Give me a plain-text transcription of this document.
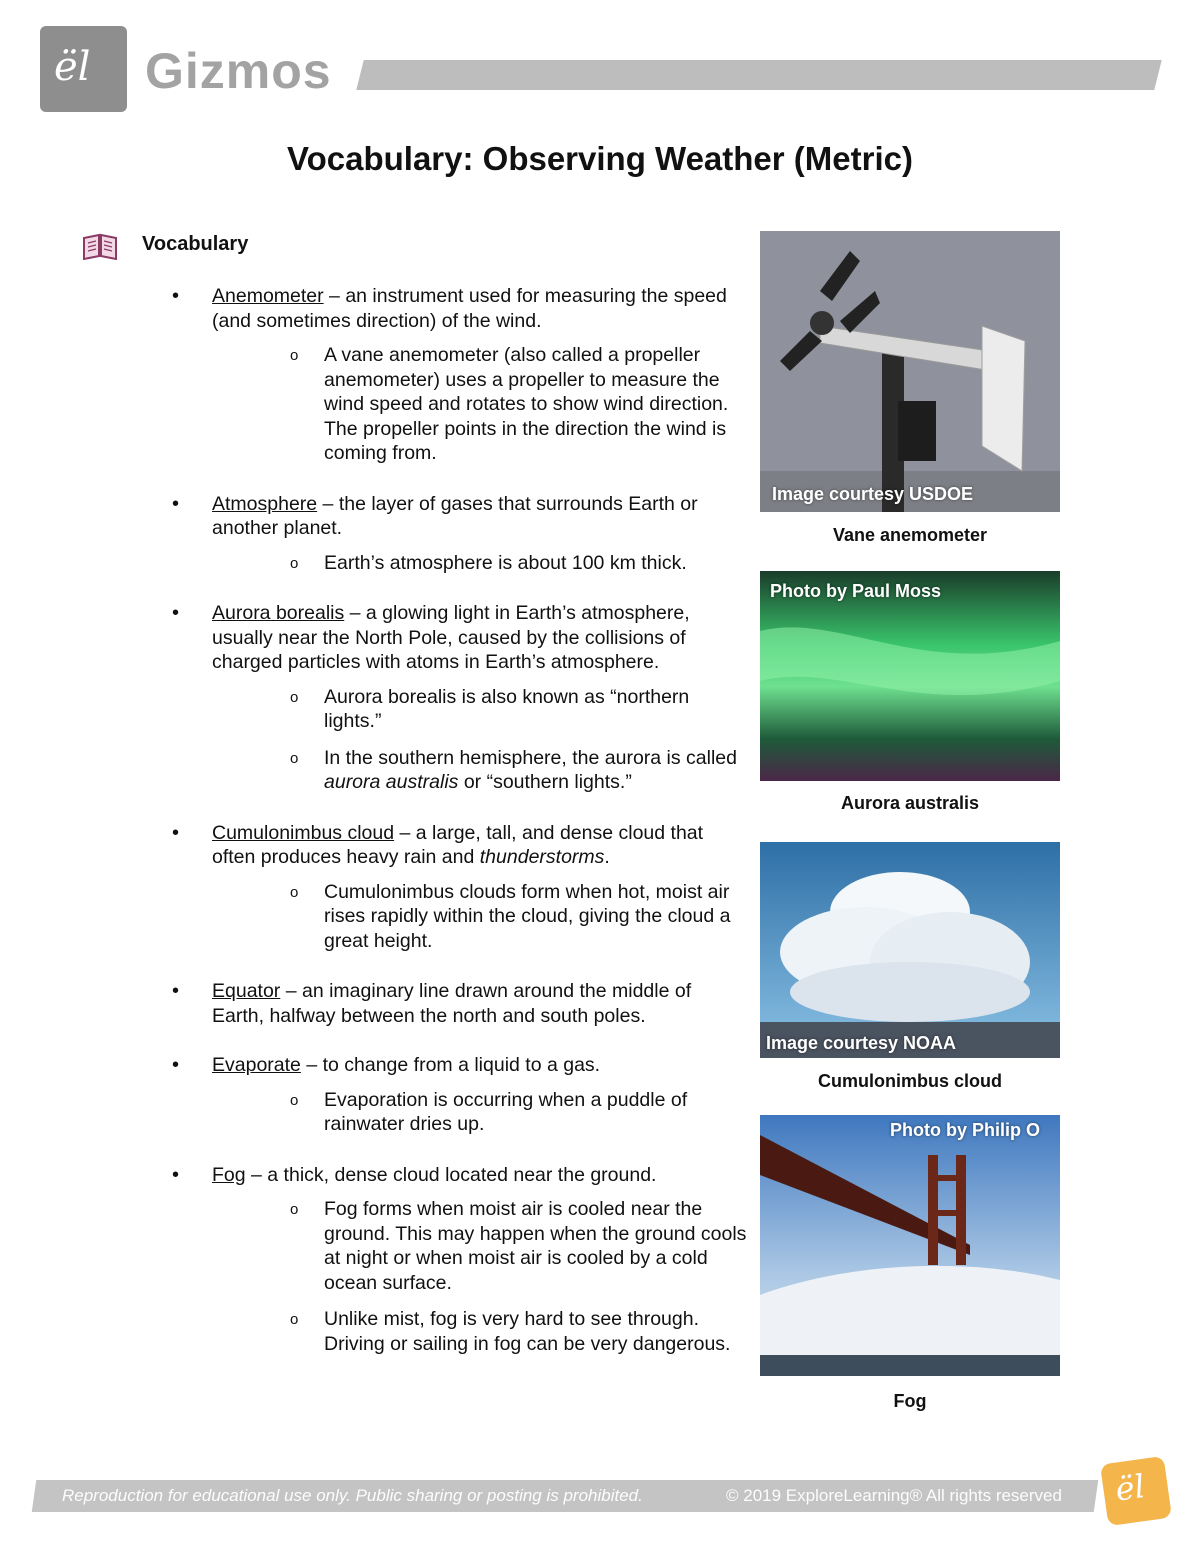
ël Gizmos
Vocabulary: Observing Weather (Metric)
Vocabulary
• Anemometer – an instrument used for measuring the speed (and sometimes direction) of the wind.
o	A vane anemometer (also called a propeller anemometer) uses a propeller to measure the wind speed and rotates to show wind direction. The propeller points in the direction the wind is coming from.
• Atmosphere – the layer of gases that surrounds Earth or another planet.
o	Earth’s atmosphere is about 100 km thick.
• Aurora borealis – a glowing light in Earth’s atmosphere, usually near the North Pole, caused by the collisions of charged particles with atoms in Earth’s atmosphere.
o	Aurora borealis is also known as “northern lights.”
o	In the southern hemisphere, the aurora is called aurora australis or “southern lights.”
• Cumulonimbus cloud – a large, tall, and dense cloud that often produces heavy rain and thunderstorms.
o	Cumulonimbus clouds form when hot, moist air rises rapidly within the cloud, giving the cloud a great height.
• Equator – an imaginary line drawn around the middle of Earth, halfway between the north and south poles.
• Evaporate – to change from a liquid to a gas.
o	Evaporation is occurring when a puddle of rainwater dries up.
• Fog – a thick, dense cloud located near the ground.
o	Fog forms when moist air is cooled near the ground. This may happen when the ground cools at night or when moist air is cooled by a cold ocean surface.
o	Unlike mist, fog is very hard to see through. Driving or sailing in fog can be very dangerous.
Image courtesy USDOE
Vane anemometer
Photo by Paul Moss
Aurora australis
Image courtesy NOAA
Cumulonimbus cloud
Photo by Philip O
Fog
Reproduction for educational use only. Public sharing or posting is prohibited.	© 2019 ExploreLearning® All rights reserved ël
